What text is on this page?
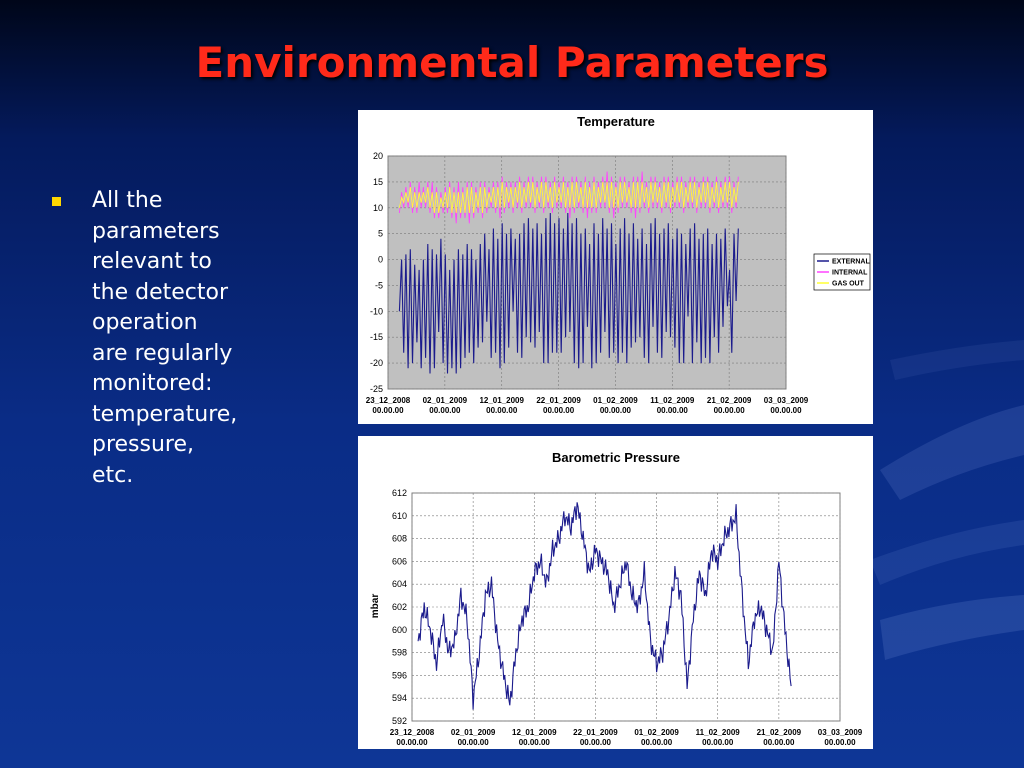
Environmental Parameters
All the
parameters
relevant to
the detector
operation
are regularly
monitored:
temperature,
pressure,
etc.
Temperature
20
15
10
5
0
-5
-10
-15
-20
-25
23_12_2008
00.00.00
02_01_2009
00.00.00
12_01_2009
00.00.00
22_01_2009
00.00.00
01_02_2009
00.00.00
11_02_2009
00.00.00
21_02_2009
00.00.00
03_03_2009
00.00.00
EXTERNAL
INTERNAL
GAS OUT
Barometric Pressure
mbar
612
610
608
606
604
602
600
598
596
594
592
23_12_2008
00.00.00
02_01_2009
00.00.00
12_01_2009
00.00.00
22_01_2009
00.00.00
01_02_2009
00.00.00
11_02_2009
00.00.00
21_02_2009
00.00.00
03_03_2009
00.00.00
